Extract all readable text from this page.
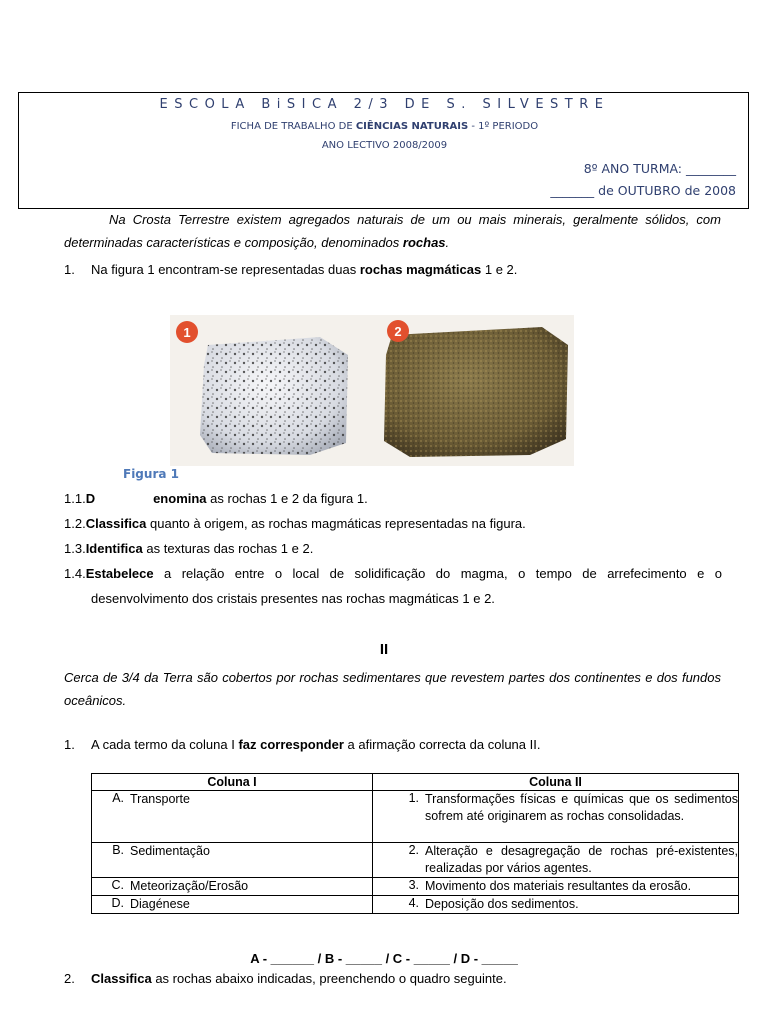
ESCOLA BiSICA 2/3 DE S. SILVESTRE
FICHA DE TRABALHO DE CIÊNCIAS NATURAIS - 1º PERIODO
ANO LECTIVO 2008/2009
8º ANO TURMA: ________
_______ de OUTUBRO de 2008
Na Crosta Terrestre existem agregados naturais de um ou mais minerais, geralmente sólidos, com determinadas características e composição, denominados rochas.
1. Na figura 1 encontram-se representadas duas rochas magmáticas 1 e 2.
1	2
Figura 1
1.1.D	enomina as rochas 1 e 2 da figura 1.
1.2.Classifica quanto à origem, as rochas magmáticas representadas na figura.
1.3.Identifica as texturas das rochas 1 e 2.
1.4.Estabelece a relação entre o local de solidificação do magma, o tempo de arrefecimento e o
desenvolvimento dos cristais presentes nas rochas magmáticas 1 e 2.
II
Cerca de 3/4 da Terra são cobertos por rochas sedimentares que revestem partes dos continentes e dos fundos oceânicos.
1. A cada termo da coluna I faz corresponder a afirmação correcta da coluna II.
Coluna I	Coluna II

A. Transporte	1. Transformações físicas e químicas que os sedimentos sofrem até originarem as rochas consolidadas.

B. Sedimentação	2. Alteração e desagregação de rochas pré-existentes, realizadas por vários agentes.

C. Meteorização/Erosão	3. Movimento dos materiais resultantes da erosão.

D. Diagénese	4. Deposição dos sedimentos.
A - ______ / B - _____ / C - _____ / D - _____
2. Classifica as rochas abaixo indicadas, preenchendo o quadro seguinte.
